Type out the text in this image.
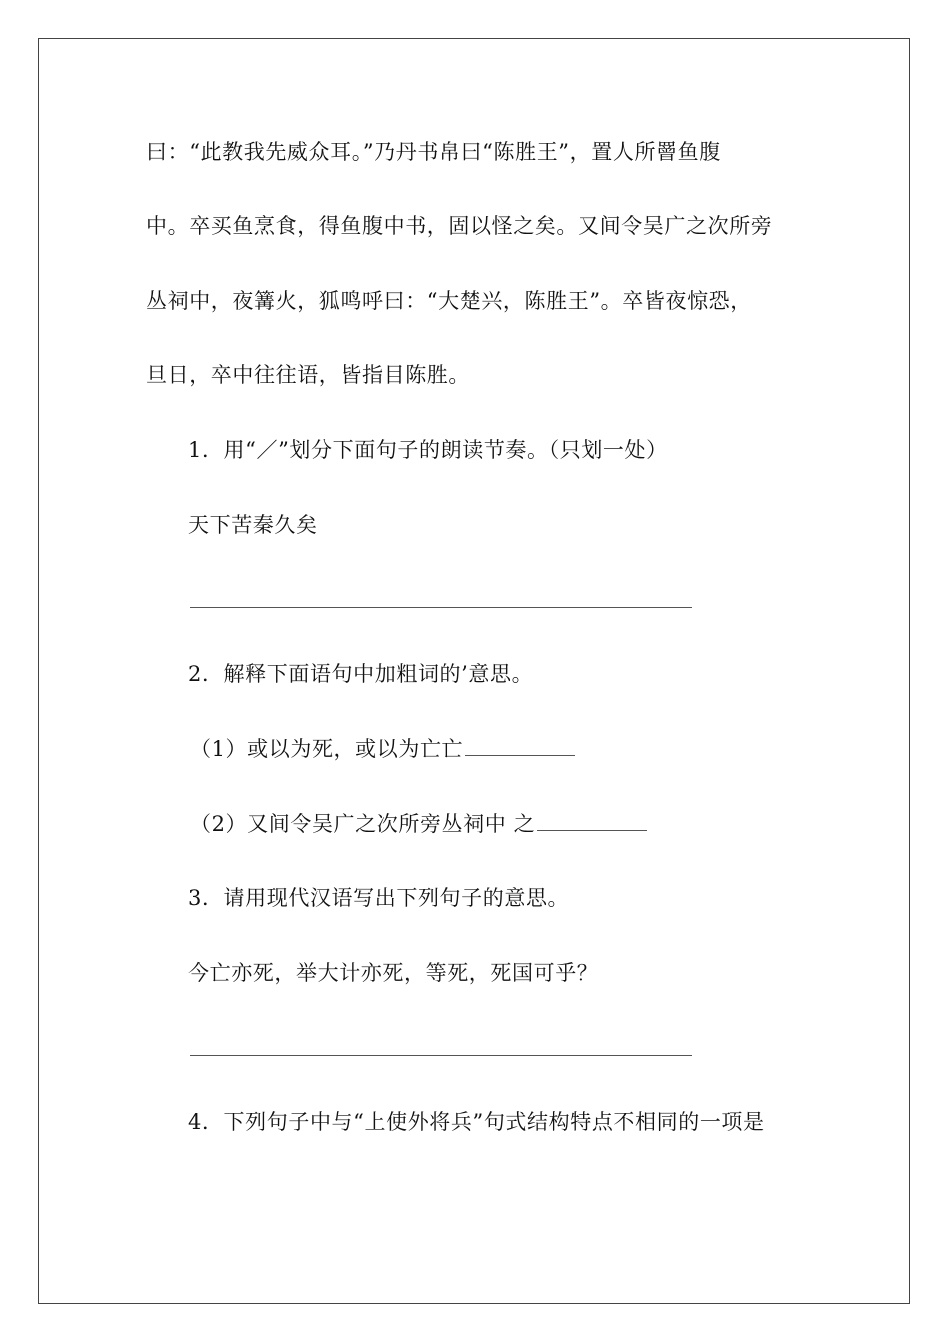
曰：“此教我先威众耳。”乃丹书帛曰“陈胜王”，置人所罾鱼腹
中。卒买鱼烹食，得鱼腹中书，固以怪之矣。又间令吴广之次所旁
丛祠中，夜篝火，狐鸣呼曰：“大楚兴，陈胜王”。卒皆夜惊恐，
旦日，卒中往往语，皆指目陈胜。
1．用“／”划分下面句子的朗读节奏。（只划一处）
天下苦秦久矣
2．解释下面语句中加粗词的’意思。
（1）或以为死，或以为亡亡
（2）又间令吴广之次所旁丛祠中 之
3．请用现代汉语写出下列句子的意思。
今亡亦死，举大计亦死，等死，死国可乎？
4．下列句子中与“上使外将兵”句式结构特点不相同的一项是
